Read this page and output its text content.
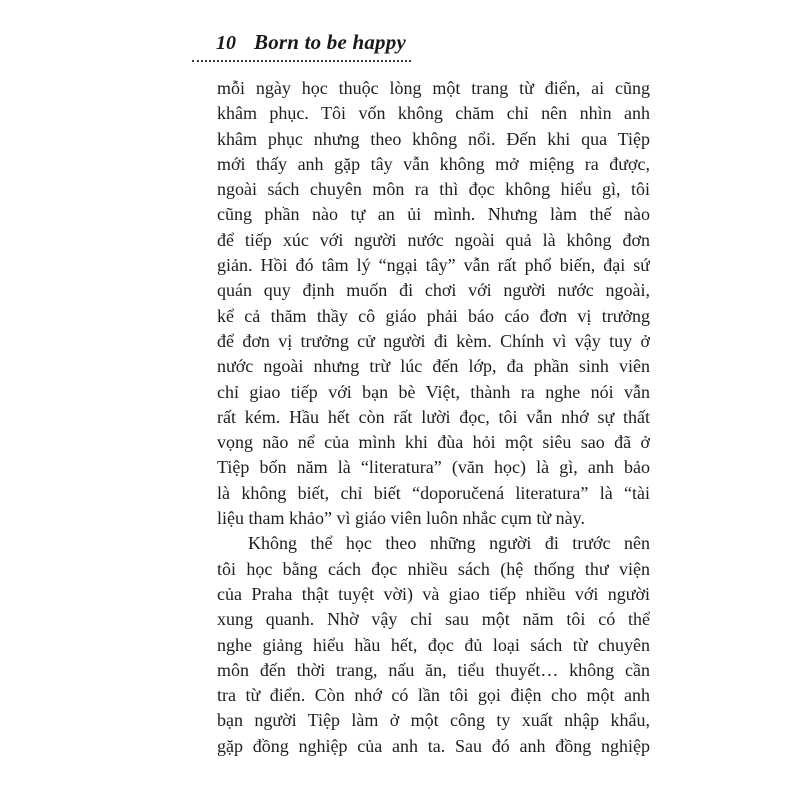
10 Born to be happy
mỗi ngày học thuộc lòng một trang từ điển, ai cũng
khâm phục. Tôi vốn không chăm chỉ nên nhìn anh
khâm phục nhưng theo không nổi. Đến khi qua Tiệp
mới thấy anh gặp tây vẫn không mở miệng ra được,
ngoài sách chuyên môn ra thì đọc không hiểu gì, tôi
cũng phần nào tự an ủi mình. Nhưng làm thế nào
để tiếp xúc với người nước ngoài quả là không đơn
giản. Hồi đó tâm lý “ngại tây” vẫn rất phổ biến, đại sứ
quán quy định muốn đi chơi với người nước ngoài,
kể cả thăm thầy cô giáo phải báo cáo đơn vị trưởng
để đơn vị trưởng cử người đi kèm. Chính vì vậy tuy ở
nước ngoài nhưng trừ lúc đến lớp, đa phần sinh viên
chỉ giao tiếp với bạn bè Việt, thành ra nghe nói vẫn
rất kém. Hầu hết còn rất lười đọc, tôi vẫn nhớ sự thất
vọng não nể của mình khi đùa hỏi một siêu sao đã ở
Tiệp bốn năm là “literatura” (văn học) là gì, anh bảo
là không biết, chỉ biết “doporučená literatura” là “tài
liệu tham khảo” vì giáo viên luôn nhắc cụm từ này.
Không thể học theo những người đi trước nên
tôi học bằng cách đọc nhiều sách (hệ thống thư viện
của Praha thật tuyệt vời) và giao tiếp nhiều với người
xung quanh. Nhờ vậy chỉ sau một năm tôi có thể
nghe giảng hiểu hầu hết, đọc đủ loại sách từ chuyên
môn đến thời trang, nấu ăn, tiểu thuyết… không cần
tra từ điển. Còn nhớ có lần tôi gọi điện cho một anh
bạn người Tiệp làm ở một công ty xuất nhập khẩu,
gặp đồng nghiệp của anh ta. Sau đó anh đồng nghiệp
